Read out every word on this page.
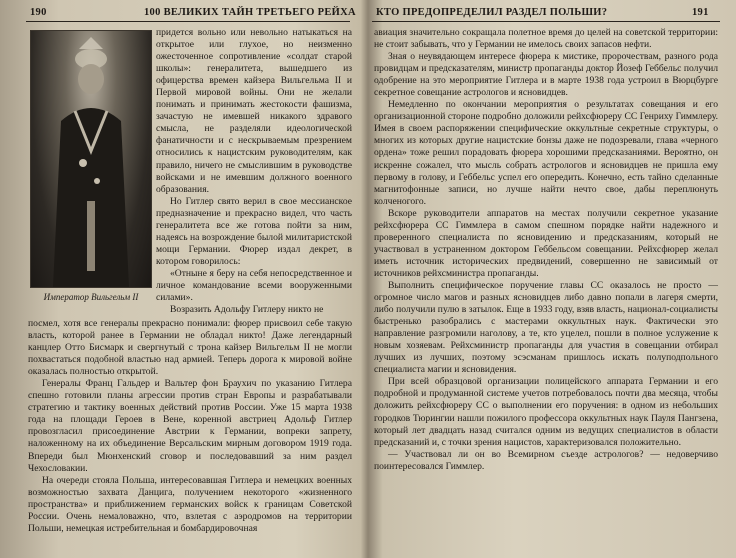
190	100 ВЕЛИКИХ ТАЙН ТРЕТЬЕГО РЕЙХА
Император Вильгельм II

придется вольно или невольно натыкаться на открытое или глухое, но неизменно ожесточенное сопротивление «солдат старой школы»: генералитета, вышедшего из офицерства времен кайзера Вильгельма II и Первой мировой войны. Они не желали понимать и принимать жестокости фашизма, зачастую не имевшей никакого здравого смысла, не разделяли идеологической фанатичности и с нескрываемым презрением относились к нацистским руководителям, как правило, ничего не смыслившим в руководстве войсками и не имевшим должного военного образования.

Но Гитлер свято верил в свое мессианское предназначение и прекрасно видел, что часть генералитета все же готова пойти за ним, надеясь на возрождение былой милитаристской мощи Германии. Фюрер издал декрет, в котором говорилось:

«Отныне я беру на себя непосредственное и личное командование всеми вооруженными силами».

Возразить Адольфу Гитлеру никто не

посмел, хотя все генералы прекрасно понимали: фюрер присвоил себе такую власть, которой ранее в Германии не обладал никто! Даже легендарный канцлер Отто Бисмарк и свергнутый с трона кайзер Вильгельм II не могли похвастаться подобной властью над армией. Теперь дорога к мировой войне оказалась полностью открытой.

Генералы Франц Гальдер и Вальтер фон Браухич по указанию Гитлера спешно готовили планы агрессии против стран Европы и разрабатывали стратегию и тактику военных действий против России. Уже 15 марта 1938 года на площади Героев в Вене, коренной австриец Адольф Гитлер провозгласил присоединение Австрии к Германии, вопреки запрету, наложенному на их объединение Версальским мирным договором 1919 года. Впереди был Мюнхенский сговор и последовавший за ним раздел Чехословакии.

На очереди стояла Польша, интересовавшая Гитлера и немецких военных возможностью захвата Данцига, получением некоторого «жизненного пространства» и приближением германских войск к границам Советской России. Очень немаловажно, что, взлетая с аэродромов на территории Польши, немецкая истребительная и бомбардировочная

КТО ПРЕДОПРЕДЕЛИЛ РАЗДЕЛ ПОЛЬШИ?	191

авиация значительно сокращала полетное время до целей на советской территории: не стоит забывать, что у Германии не имелось своих запасов нефти.

Зная о неувядающем интересе фюрера к мистике, пророчествам, разного рода провидцам и предсказателям, министр пропаганды доктор Йозеф Геббельс получил одобрение на это мероприятие Гитлера и в марте 1938 года устроил в Вюрцбурге секретное совещание астрологов и ясновидцев.

Немедленно по окончании мероприятия о результатах совещания и его организационной стороне подробно доложили рейхсфюреру СС Генриху Гиммлеру. Имея в своем распоряжении специфические оккультные секретные структуры, о многих из которых другие нацистские бонзы даже не подозревали, глава «черного ордена» тоже решил порадовать фюрера хорошими предсказаниями. Вероятно, он искренне сожалел, что мысль собрать астрологов и ясновидцев не пришла ему первому в голову, и Геббельс успел его опередить. Конечно, есть тайно сделанные магнитофонные записи, но лучше найти нечто свое, дабы переплюнуть колченогого.

Вскоре руководители аппаратов на местах получили секретное указание рейхсфюрера СС Гиммлера в самом спешном порядке найти надежного и проверенного специалиста по ясновидению и предсказаниям, который не участвовал в устраненном доктором Геббельсом совещании. Рейхсфюрер желал иметь источник исторических предвидений, совершенно не зависимый от источников рейхсминистра пропаганды.

Выполнить специфическое поручение главы СС оказалось не просто — огромное число магов и разных ясновидцев либо давно попали в лагеря смерти, либо получили пулю в затылок. Еще в 1933 году, взяв власть, национал-социалисты быстренько разобрались с мастерами оккультных наук. Фактически это направление разгромили наголову, а те, кто уцелел, пошли в полное услужение к новым хозяевам. Рейхсминистр пропаганды для участия в совещании отбирал лучших из лучших, поэтому эсэсманам пришлось искать полуподпольного специалиста магии и ясновидения.

При всей образцовой организации полицейского аппарата Германии и его подробной и продуманной системе учетов потребовалось почти два месяца, чтобы доложить рейхсфюреру СС о выполнении его поручения: в одном из небольших городков Тюрингии нашли пожилого профессора оккультных наук Пауля Пангзена, который лет двадцать назад считался одним из ведущих специалистов в области предсказаний и, с точки зрения нацистов, характеризовался положительно.

— Участвовал ли он во Всемирном съезде астрологов? — недоверчиво поинтересовался Гиммлер.
